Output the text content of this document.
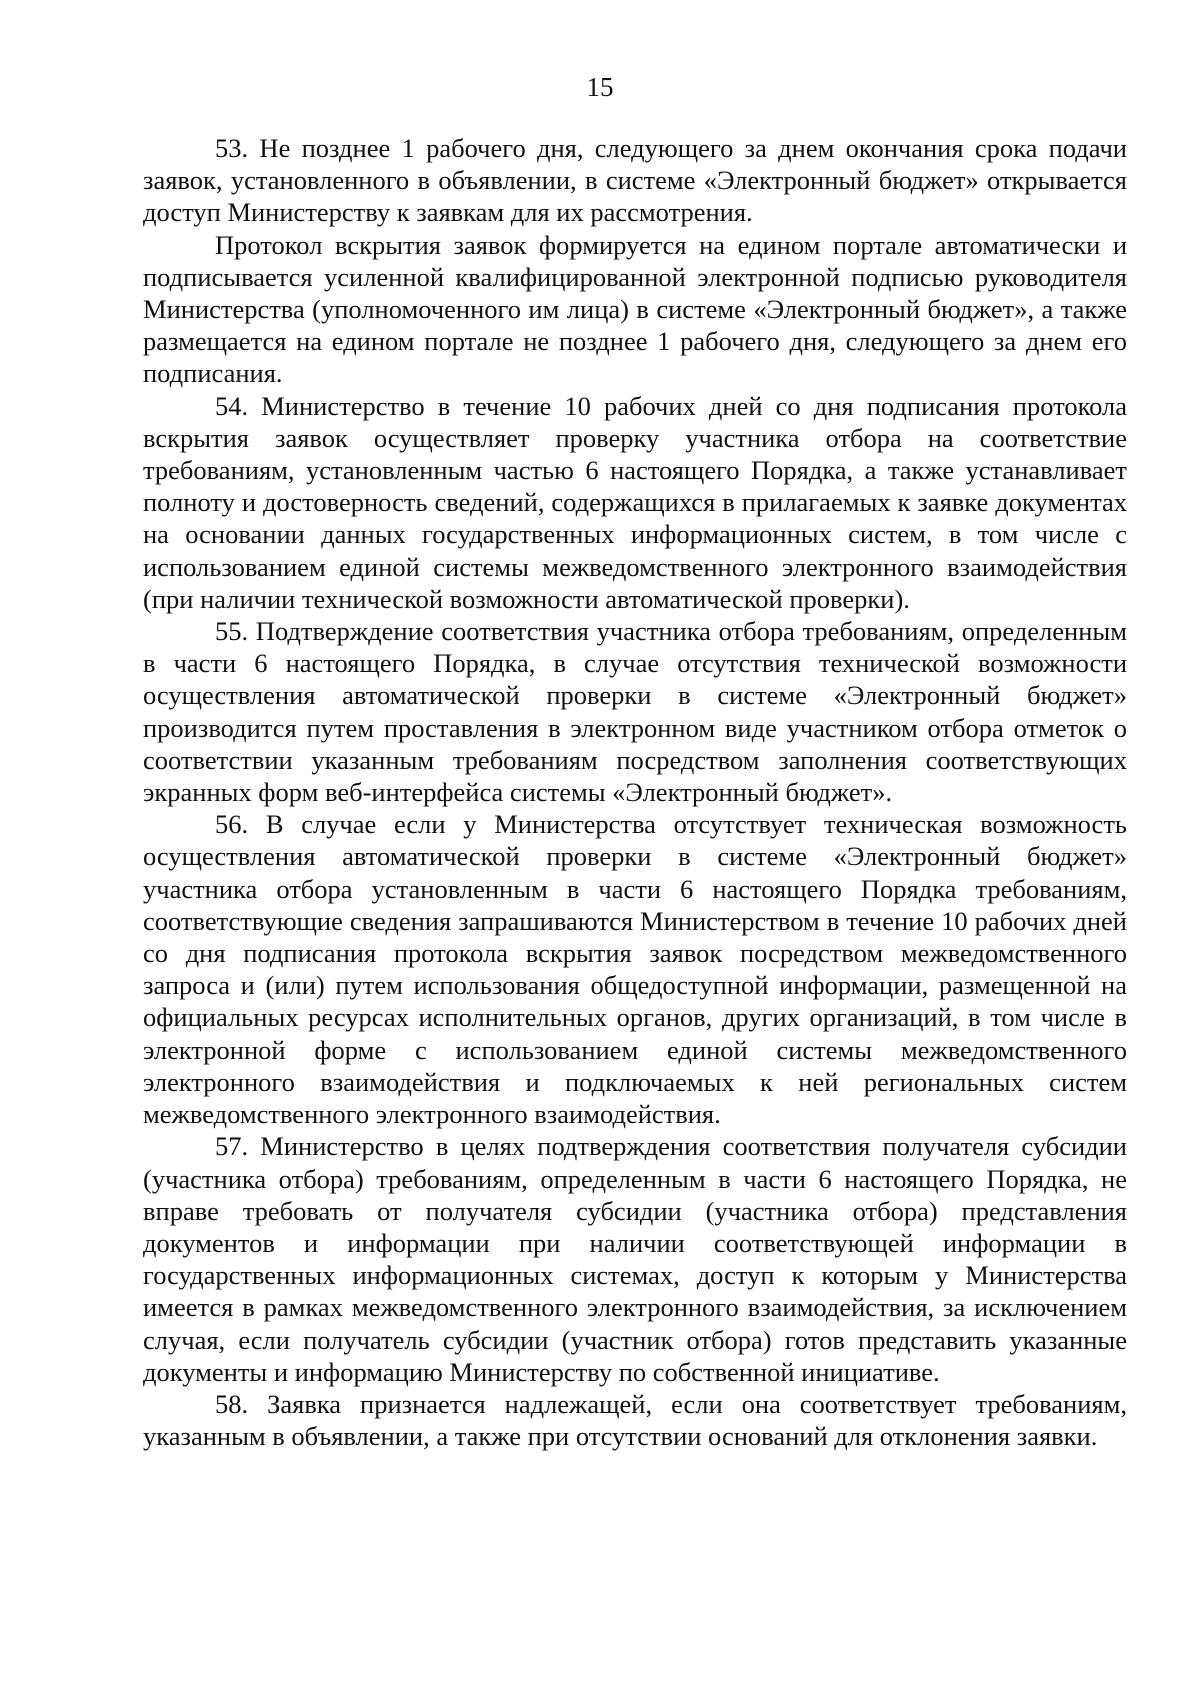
15

53. Не позднее 1 рабочего дня, следующего за днем окончания срока подачи заявок, установленного в объявлении, в системе «Электронный бюджет» открывается доступ Министерству к заявкам для их рассмотрения.

Протокол вскрытия заявок формируется на едином портале автоматически и подписывается усиленной квалифицированной электронной подписью руководителя Министерства (уполномоченного им лица) в системе «Электронный бюджет», а также размещается на едином портале не позднее 1 рабочего дня, следующего за днем его подписания.

54. Министерство в течение 10 рабочих дней со дня подписания протокола вскрытия заявок осуществляет проверку участника отбора на соответствие требованиям, установленным частью 6 настоящего Порядка, а также устанавливает полноту и достоверность сведений, содержащихся в прилагаемых к заявке документах на основании данных государственных информационных систем, в том числе с использованием единой системы межведомственного электронного взаимодействия (при наличии технической возможности автоматической проверки).

55. Подтверждение соответствия участника отбора требованиям, определенным в части 6 настоящего Порядка, в случае отсутствия технической возможности осуществления автоматической проверки в системе «Электронный бюджет» производится путем проставления в электронном виде участником отбора отметок о соответствии указанным требованиям посредством заполнения соответствующих экранных форм веб-интерфейса системы «Электронный бюджет».

56. В случае если у Министерства отсутствует техническая возможность осуществления автоматической проверки в системе «Электронный бюджет» участника отбора установленным в части 6 настоящего Порядка требованиям, соответствующие сведения запрашиваются Министерством в течение 10 рабочих дней со дня подписания протокола вскрытия заявок посредством межведомственного запроса и (или) путем использования общедоступной информации, размещенной на официальных ресурсах исполнительных органов, других организаций, в том числе в электронной форме с использованием единой системы межведомственного электронного взаимодействия и подключаемых к ней региональных систем межведомственного электронного взаимодействия.

57. Министерство в целях подтверждения соответствия получателя субсидии (участника отбора) требованиям, определенным в части 6 настоящего Порядка, не вправе требовать от получателя субсидии (участника отбора) представления документов и информации при наличии соответствующей информации в государственных информационных системах, доступ к которым у Министерства имеется в рамках межведомственного электронного взаимодействия, за исключением случая, если получатель субсидии (участник отбора) готов представить указанные документы и информацию Министерству по собственной инициативе.

58. Заявка признается надлежащей, если она соответствует требованиям, указанным в объявлении, а также при отсутствии оснований для отклонения заявки.
